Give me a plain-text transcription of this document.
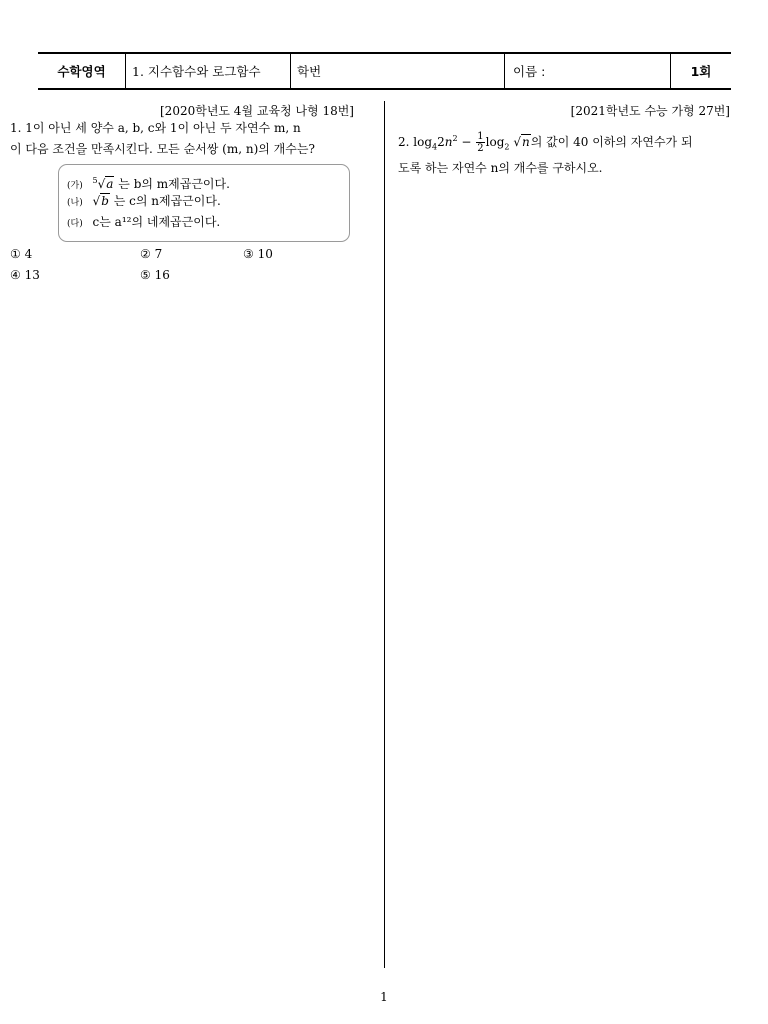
수학영역	1. 지수함수와 로그함수	학번	이름 :	1회
[2020학년도 4월 교육청 나형 18번]
1. 1이 아닌 세 양수 a, b, c와 1이 아닌 두 자연수 m, n
이 다음 조건을 만족시킨다. 모든 순서쌍 (m, n)의 개수는?
(가) $^5$√a 는 b의 m제곱근이다.
(나) √b 는 c의 n제곱근이다.
(다) c는 a¹²의 네제곱근이다.
① 4	② 7	③ 10
④ 13	⑤ 16
[2021학년도 수능 가형 27번]
2. $\log_42n^2 - \frac{1}{2} \log_2 √n$의 값이 40 이하의 자연수가 되
도록 하는 자연수 n의 개수를 구하시오.
1
